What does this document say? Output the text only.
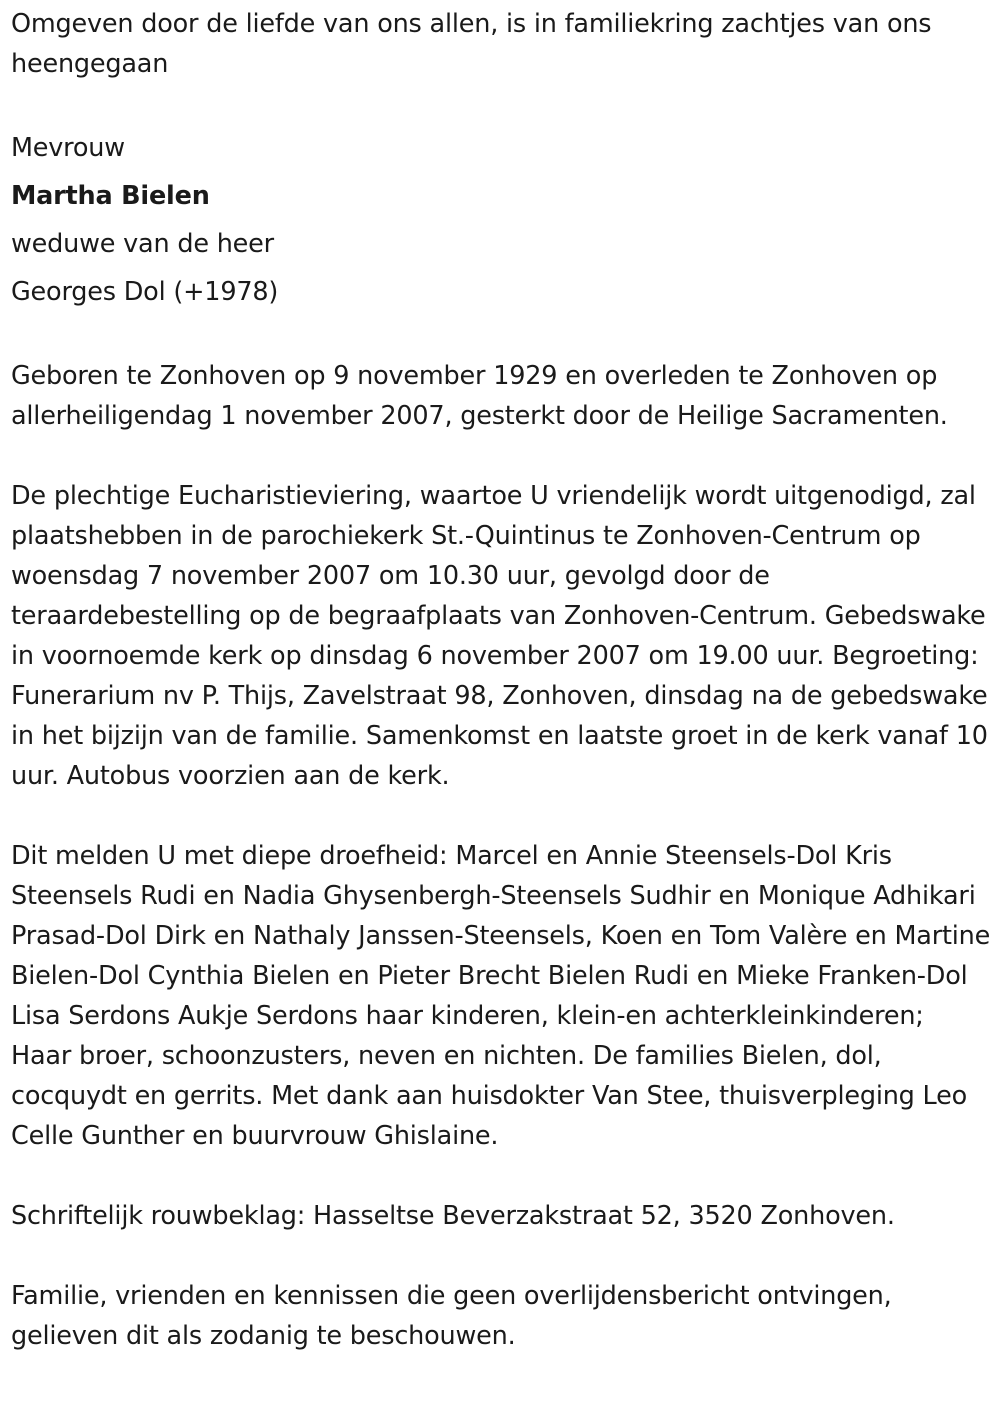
Omgeven door de liefde van ons allen, is in familiekring zachtjes van ons heengegaan

Mevrouw
Martha Bielen
weduwe van de heer
Georges Dol (+1978)

Geboren te Zonhoven op 9 november 1929 en overleden te Zonhoven op allerheiligendag 1 november 2007, gesterkt door de Heilige Sacramenten.

De plechtige Eucharistieviering, waartoe U vriendelijk wordt uitgenodigd, zal plaatshebben in de parochiekerk St.-Quintinus te Zonhoven-Centrum op woensdag 7 november 2007 om 10.30 uur, gevolgd door de teraardebestelling op de begraafplaats van Zonhoven-Centrum. Gebedswake in voornoemde kerk op dinsdag 6 november 2007 om 19.00 uur. Begroeting: Funerarium nv P. Thijs, Zavelstraat 98, Zonhoven, dinsdag na de gebedswake in het bijzijn van de familie. Samenkomst en laatste groet in de kerk vanaf 10 uur. Autobus voorzien aan de kerk.

Dit melden U met diepe droefheid: Marcel en Annie Steensels-Dol Kris Steensels Rudi en Nadia Ghysenbergh-Steensels Sudhir en Monique Adhikari Prasad-Dol Dirk en Nathaly Janssen-Steensels, Koen en Tom Valère en Martine Bielen-Dol Cynthia Bielen en Pieter Brecht Bielen Rudi en Mieke Franken-Dol Lisa Serdons Aukje Serdons haar kinderen, klein-en achterkleinkinderen; Haar broer, schoonzusters, neven en nichten. De families Bielen, dol, cocquydt en gerrits. Met dank aan huisdokter Van Stee, thuisverpleging Leo Celle Gunther en buurvrouw Ghislaine.

Schriftelijk rouwbeklag: Hasseltse Beverzakstraat 52, 3520 Zonhoven.

Familie, vrienden en kennissen die geen overlijdensbericht ontvingen, gelieven dit als zodanig te beschouwen.
